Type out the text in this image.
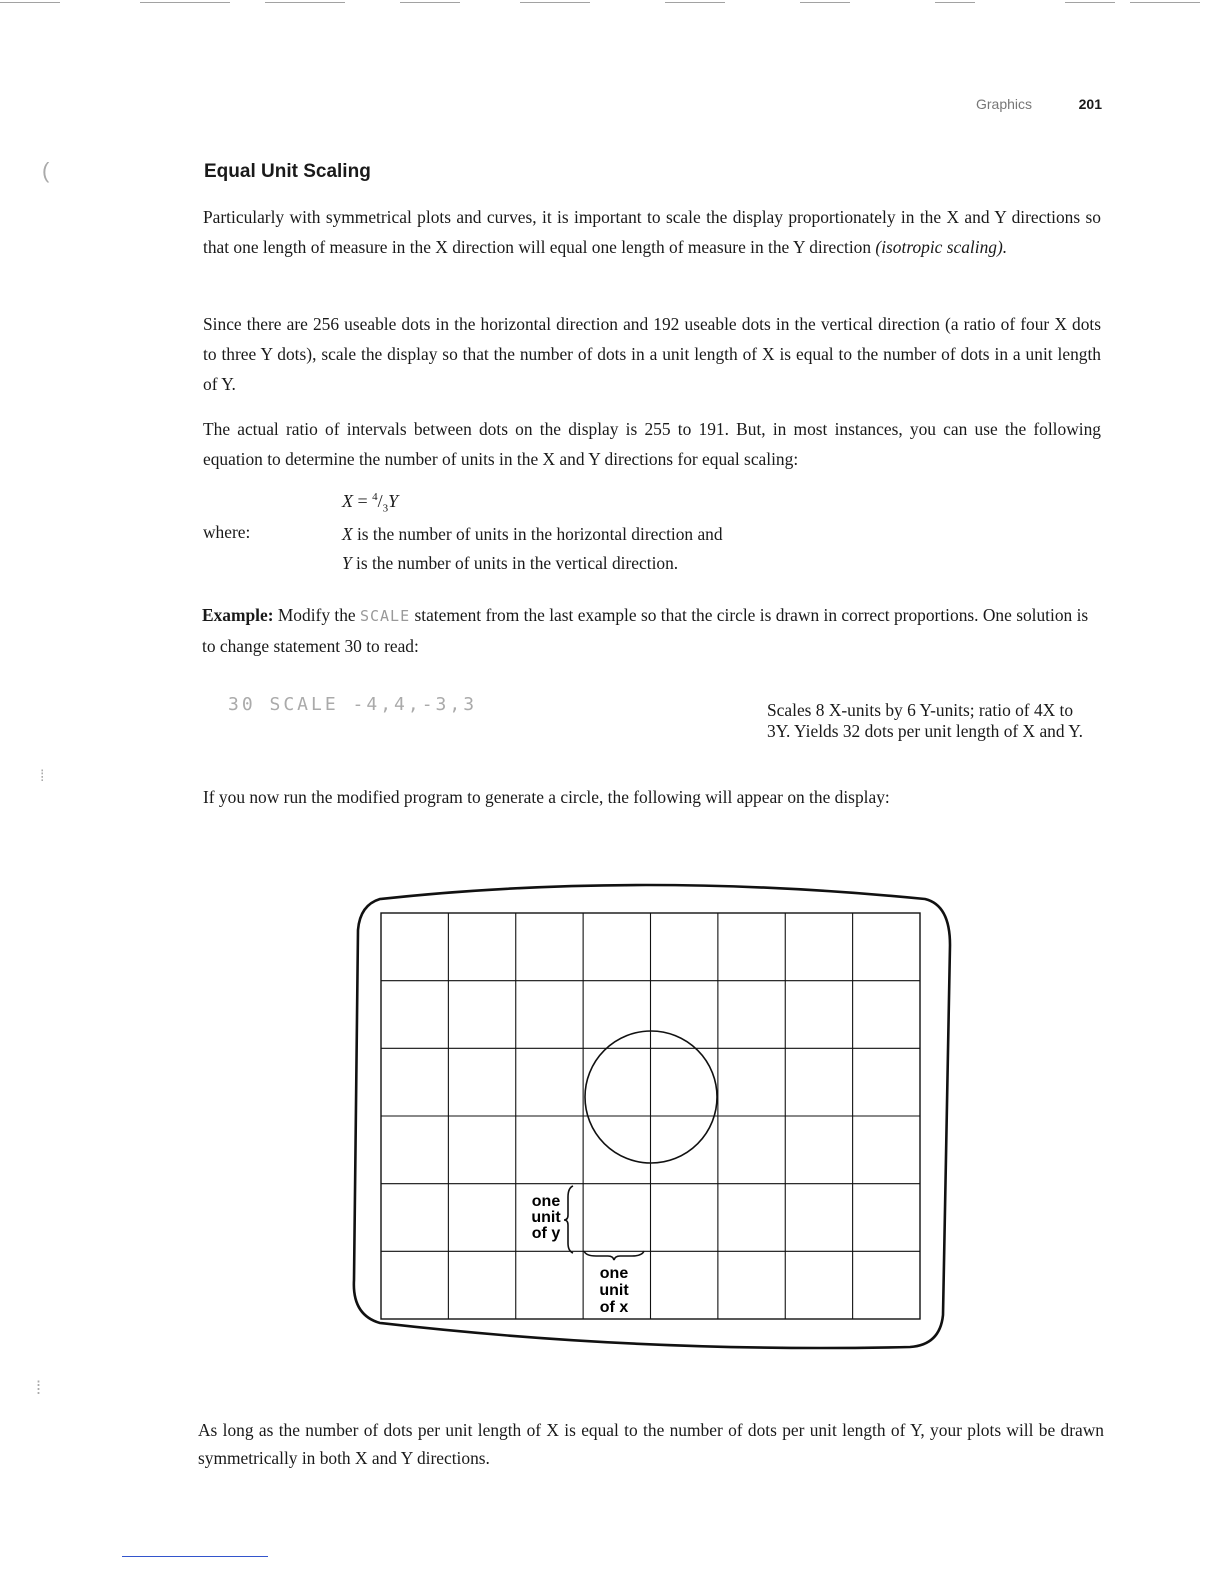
(
⁞
⁞
Graphics	201
Equal Unit Scaling

Particularly with symmetrical plots and curves, it is important to scale the display proportionately in the X and Y directions so that one length of measure in the X direction will equal one length of measure in the Y direction (isotropic scaling).

Since there are 256 useable dots in the horizontal direction and 192 useable dots in the vertical direction (a ratio of four X dots to three Y dots), scale the display so that the number of dots in a unit length of X is equal to the number of dots in a unit length of Y.

The actual ratio of intervals between dots on the display is 255 to 191. But, in most instances, you can use the following equation to determine the number of units in the X and Y directions for equal scaling:

$X = ^4/_3Y$
where:	X is the number of units in the horizontal direction and
Y is the number of units in the vertical direction.
Example: Modify the SCALE statement from the last example so that the circle is drawn in correct proportions. One solution is to change statement 30 to read:
30 SCALE -4,4,-3,3	Scales 8 X-units by 6 Y-units; ratio of 4X to 3Y. Yields 32 dots per unit length of X and Y.
If you now run the modified program to generate a circle, the following will appear on the display:
one
unit
of y
one
unit
of x

As long as the number of dots per unit length of X is equal to the number of dots per unit length of Y, your plots will be drawn symmetrically in both X and Y directions.
